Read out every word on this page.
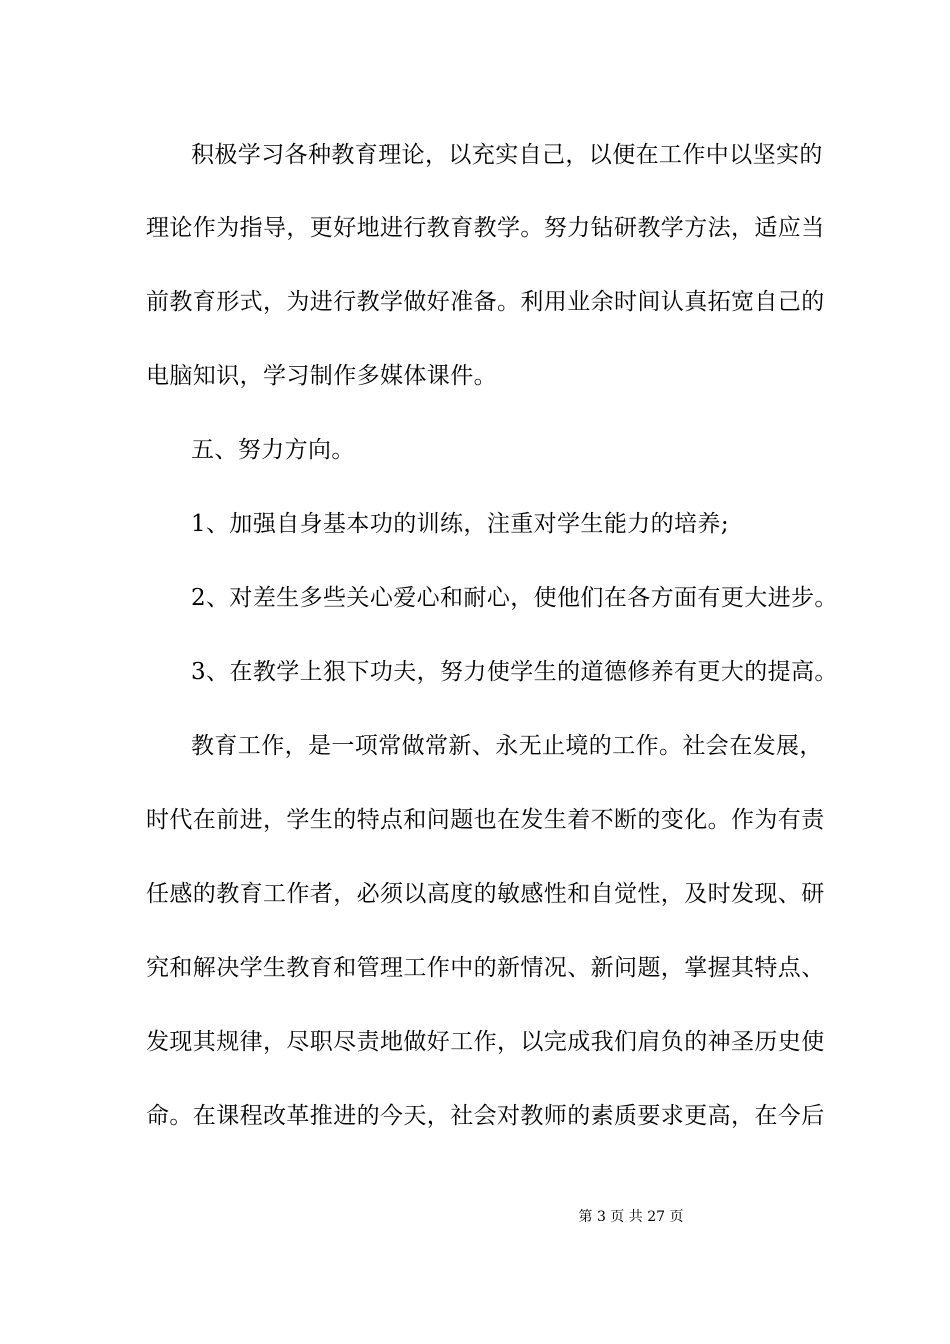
积极学习各种教育理论，以充实自己，以便在工作中以坚实的
理论作为指导，更好地进行教育教学。努力钻研教学方法，适应当
前教育形式，为进行教学做好准备。利用业余时间认真拓宽自己的
电脑知识，学习制作多媒体课件。
五、努力方向。
1、加强自身基本功的训练，注重对学生能力的培养;
2、对差生多些关心爱心和耐心，使他们在各方面有更大进步。
3、在教学上狠下功夫，努力使学生的道德修养有更大的提高。
教育工作，是一项常做常新、永无止境的工作。社会在发展，
时代在前进，学生的特点和问题也在发生着不断的变化。作为有责
任感的教育工作者，必须以高度的敏感性和自觉性，及时发现、研
究和解决学生教育和管理工作中的新情况、新问题，掌握其特点、
发现其规律，尽职尽责地做好工作，以完成我们肩负的神圣历史使
命。在课程改革推进的今天，社会对教师的素质要求更高，在今后
第 3 页 共 27 页
